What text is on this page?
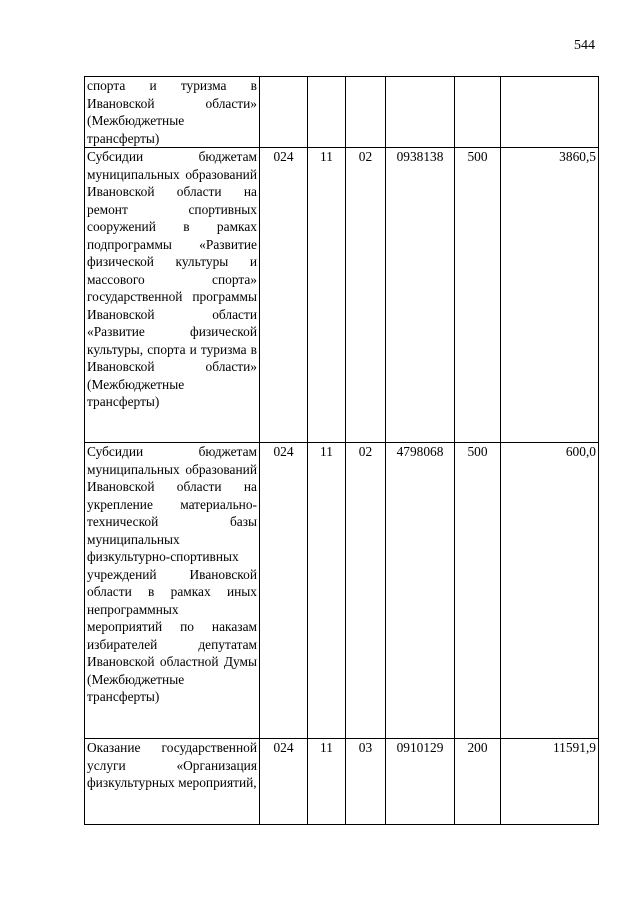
544
спорта и туризма в Ивановской области» (Межбюджетные трансферты)						
Субсидии бюджетам муниципальных образований Ивановской области на ремонт спортивных сооружений в рамках подпрограммы «Развитие физической культуры и массового спорта» государственной программы Ивановской области «Развитие физической культуры, спорта и туризма в Ивановской области» (Межбюджетные трансферты)	024	11	02	0938138	500	3860,5
Субсидии бюджетам муниципальных образований Ивановской области на укрепление материально-технической базы муниципальных физкультурно-спортивных учреждений Ивановской области в рамках иных непрограммных мероприятий по наказам избирателей депутатам Ивановской областной Думы (Межбюджетные трансферты)	024	11	02	4798068	500	600,0
Оказание государственной услуги «Организация физкультурных мероприятий,	024	11	03	0910129	200	11591,9
